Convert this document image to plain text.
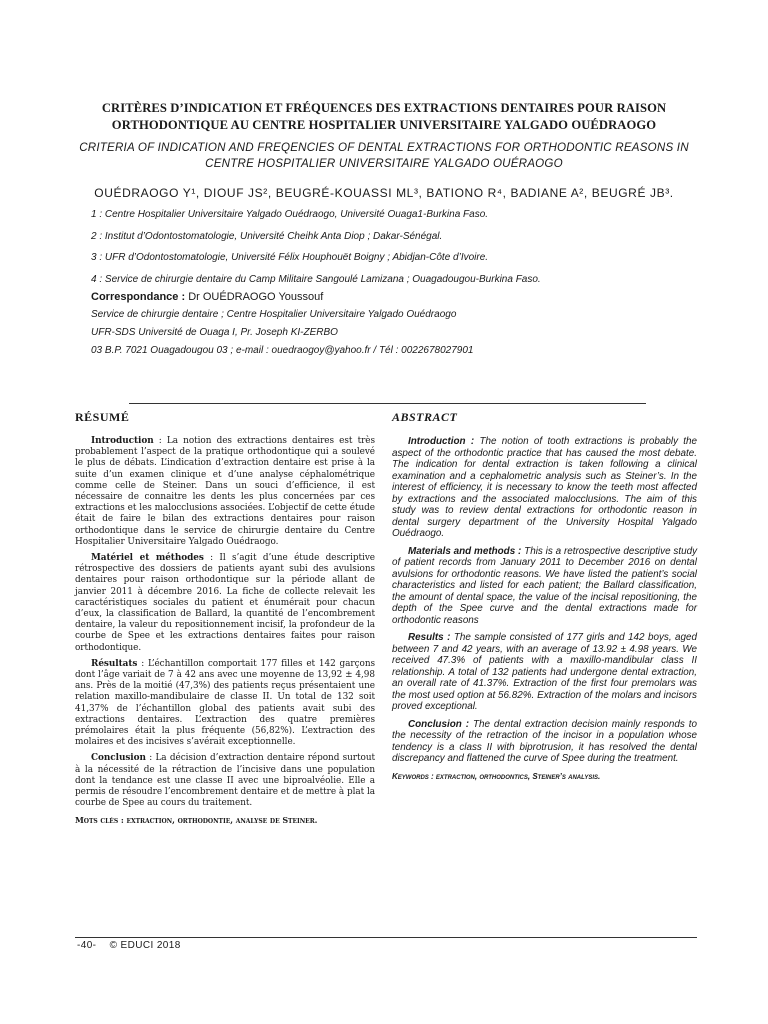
CRITÈRES D’INDICATION ET FRÉQUENCES DES EXTRACTIONS DENTAIRES POUR RAISON ORTHODONTIQUE AU CENTRE HOSPITALIER UNIVERSITAIRE YALGADO OUÉDRAOGO
CRITERIA OF INDICATION AND FREQENCIES OF DENTAL EXTRACTIONS FOR ORTHODONTIC REASONS IN CENTRE HOSPITALIER UNIVERSITAIRE YALGADO OUÉRAOGO
OUÉDRAOGO Y¹, DIOUF JS², BEUGRÉ-KOUASSI ML³, BATIONO R⁴, BADIANE A², BEUGRÉ JB³.
1 : Centre Hospitalier Universitaire Yalgado Ouédraogo, Université Ouaga1-Burkina Faso.
2 : Institut d’Odontostomatologie, Université Cheihk Anta Diop ; Dakar-Sénégal.
3 : UFR d’Odontostomatologie, Université Félix Houphouët Boigny ; Abidjan-Côte d’Ivoire.
4 : Service de chirurgie dentaire du Camp Militaire Sangoulé Lamizana ; Ouagadougou-Burkina Faso.
Correspondance : Dr OUÉDRAOGO Youssouf
Service de chirurgie dentaire ; Centre Hospitalier Universitaire Yalgado Ouédraogo
UFR-SDS Université de Ouaga I, Pr. Joseph KI-ZERBO
03 B.P. 7021 Ouagadougou 03 ; e-mail : ouedraogoy@yahoo.fr / Tél : 0022678027901
RÉSUMÉ	ABSTRACT

Introduction : La notion des extractions dentaires est très probablement l’aspect de la pratique orthodontique qui a soulevé le plus de débats. L’indication d’extraction dentaire est prise à la suite d’un examen clinique et d’une analyse céphalométrique comme celle de Steiner. Dans un souci d’efficience, il est nécessaire de connaitre les dents les plus concernées par ces extractions et les malocclusions associées. L’objectif de cette étude était de faire le bilan des extractions dentaires pour raison orthodontique dans le service de chirurgie dentaire du Centre Hospitalier Universitaire Yalgado Ouédraogo.

Matériel et méthodes : Il s’agit d’une étude descriptive rétrospective des dossiers de patients ayant subi des avulsions dentaires pour raison orthodontique sur la période allant de janvier 2011 à décembre 2016. La fiche de collecte relevait les caractéristiques sociales du patient et énumérait pour chacun d’eux, la classification de Ballard, la quantité de l’encombrement dentaire, la valeur du repositionnement incisif, la profondeur de la courbe de Spee et les extractions dentaires faites pour raison orthodontique.

Résultats : L’échantillon comportait 177 filles et 142 garçons dont l’âge variait de 7 à 42 ans avec une moyenne de 13,92 ± 4,98 ans. Près de la moitié (47,3%) des patients reçus présentaient une relation maxillo-mandibulaire de classe II. Un total de 132 soit 41,37% de l’échantillon global des patients avait subi des extractions dentaires. L’extraction des quatre premières prémolaires était la plus fréquente (56,82%). L’extraction des molaires et des incisives s’avérait exceptionnelle.

Conclusion : La décision d’extraction dentaire répond surtout à la nécessité de la rétraction de l’incisive dans une population dont la tendance est une classe II avec une biproalvéolie. Elle a permis de résoudre l’encombrement dentaire et de mettre à plat la courbe de Spee au cours du traitement.

Mots clés : extraction, orthodontie, analyse de Steiner.

Introduction : The notion of tooth extractions is probably the aspect of the orthodontic practice that has caused the most debate. The indication for dental extraction is taken following a clinical examination and a cephalometric analysis such as Steiner’s. In the interest of efficiency, it is necessary to know the teeth most affected by extractions and the associated malocclusions. The aim of this study was to review dental extractions for orthodontic reason in dental surgery department of the University Hospital Yalgado Ouédraogo.

Materials and methods : This is a retrospective descriptive study of patient records from January 2011 to December 2016 on dental avulsions for orthodontic reasons. We have listed the patient’s social characteristics and listed for each patient; the Ballard classification, the amount of dental space, the value of the incisal repositioning, the depth of the Spee curve and the dental extractions made for orthodontic reasons

Results : The sample consisted of 177 girls and 142 boys, aged between 7 and 42 years, with an average of 13.92 ± 4.98 years. We received 47.3% of patients with a maxillo-mandibular class II relationship. A total of 132 patients had undergone dental extraction, an overall rate of 41.37%. Extraction of the first four premolars was the most used option at 56.82%. Extraction of the molars and incisors proved exceptional.

Conclusion : The dental extraction decision mainly responds to the necessity of the retraction of the incisor in a population whose tendency is a class II with biprotrusion, it has resolved the dental discrepancy and flattened the curve of Spee during the treatment.

Keywords : extraction, orthodontics, Steiner’s analysis.

-40- © EDUCI 2018
